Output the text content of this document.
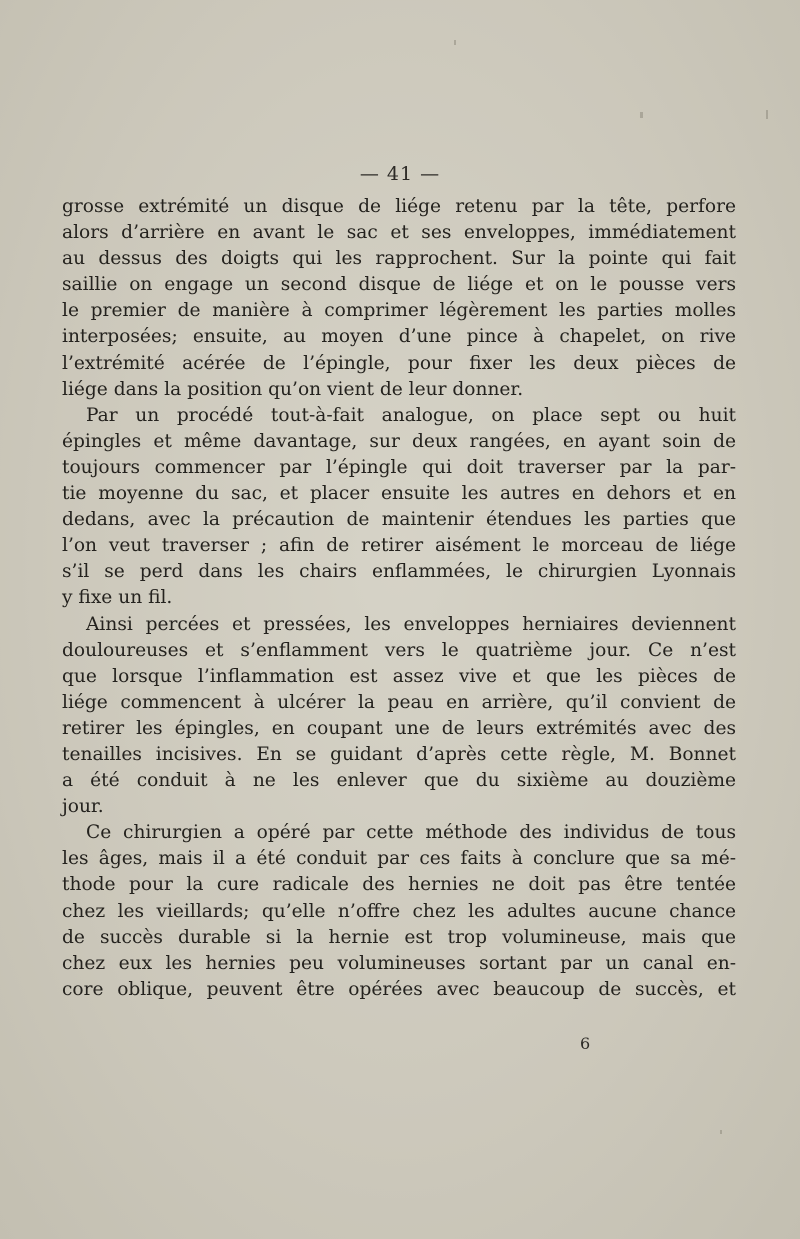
— 41 —
grosse extrémité un disque de liége retenu par la tête, perfore
alors d’arrière en avant le sac et ses enveloppes, immédiatement
au dessus des doigts qui les rapprochent. Sur la pointe qui fait
saillie on engage un second disque de liége et on le pousse vers
le premier de manière à comprimer légèrement les parties molles
interposées; ensuite, au moyen d’une pince à chapelet, on rive
l’extrémité acérée de l’épingle, pour fixer les deux pièces de
liége dans la position qu’on vient de leur donner.
Par un procédé tout-à-fait analogue, on place sept ou huit
épingles et même davantage, sur deux rangées, en ayant soin de
toujours commencer par l’épingle qui doit traverser par la par-
tie moyenne du sac, et placer ensuite les autres en dehors et en
dedans, avec la précaution de maintenir étendues les parties que
l’on veut traverser ; afin de retirer aisément le morceau de liége
s’il se perd dans les chairs enflammées, le chirurgien Lyonnais
y fixe un fil.
Ainsi percées et pressées, les enveloppes herniaires deviennent
douloureuses et s’enflamment vers le quatrième jour. Ce n’est
que lorsque l’inflammation est assez vive et que les pièces de
liége commencent à ulcérer la peau en arrière, qu’il convient de
retirer les épingles, en coupant une de leurs extrémités avec des
tenailles incisives. En se guidant d’après cette règle, M. Bonnet
a été conduit à ne les enlever que du sixième au douzième
jour.
Ce chirurgien a opéré par cette méthode des individus de tous
les âges, mais il a été conduit par ces faits à conclure que sa mé-
thode pour la cure radicale des hernies ne doit pas être tentée
chez les vieillards; qu’elle n’offre chez les adultes aucune chance
de succès durable si la hernie est trop volumineuse, mais que
chez eux les hernies peu volumineuses sortant par un canal en-
core oblique, peuvent être opérées avec beaucoup de succès, et
6
